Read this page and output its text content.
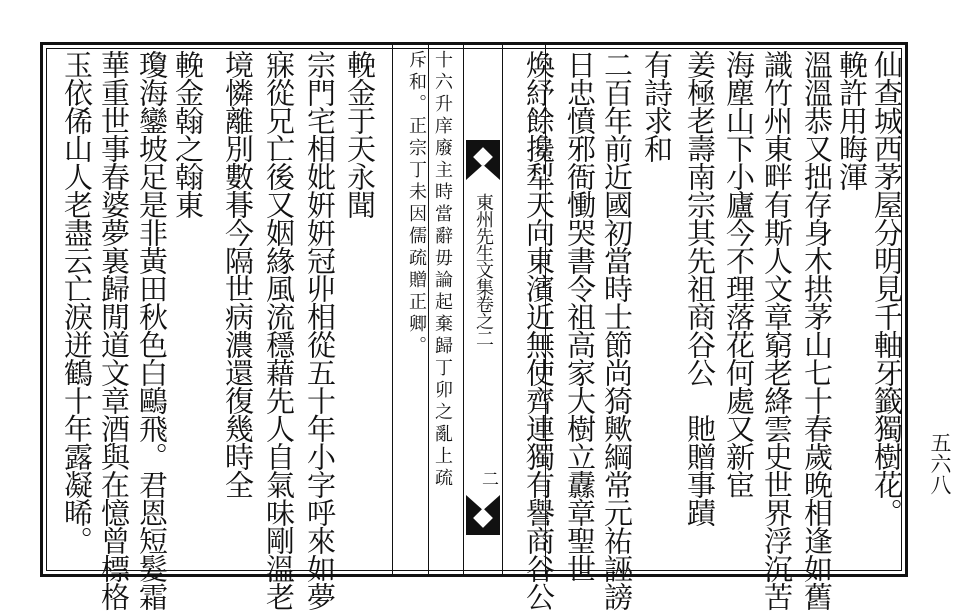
東州先生文集卷之二
二	仙查城西茅屋分明見千軸牙籤獨樹花。
輓許用晦渾
溫溫恭又拙存身木拱茅山七十春歲晚相逢如舊
識竹州東畔有斯人文章窮老絳雲史世界浮沉苦
海塵山下小廬今不理落花何處又新宦
姜極老壽南宗其先祖商谷公　貤贈事蹟
有詩求和
二百年前近國初當時士節尚猗歟綱常元祐誣謗
日忠憤邪衙慟哭書令祖高家大樹立纛章聖世
煥紓餘攙犁天向東濱近無使齊連獨有譽商谷公
十六升庠廢主時當辭毋論起棄歸丁卯之亂上疏
斥和。正宗丁未因儒疏贈正卿。
輓金于天永聞
宗門宅相妣姸姸冠丱相從五十年小字呼來如夢
寐從兄亡後又姻緣風流穩藉先人自氣味剛溫老
境憐離別數朞今隔世病濃還復幾時全
輓金翰之翰東
瓊海鑾坡足是非黃田秋色白鷗飛。君恩短髮霜
華重世事春婆夢裏歸閒道文章酒與在憶曾標格
玉依俙山人老盡云亡淚迸鶴十年露凝晞。	五六八
